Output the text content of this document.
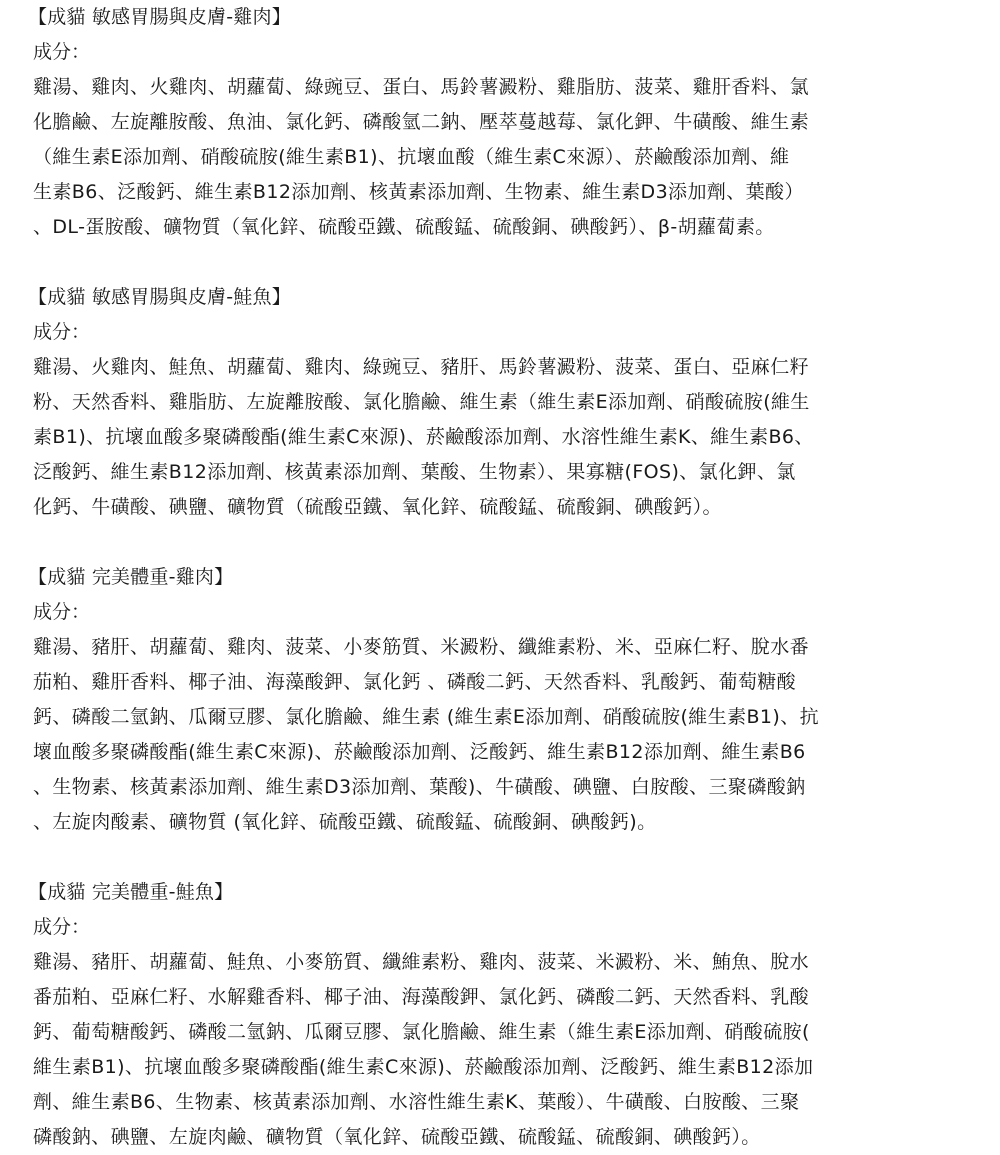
【成貓 敏感胃腸與皮膚-雞肉】

成分：

雞湯、雞肉、火雞肉、胡蘿蔔、綠豌豆、蛋白、馬鈴薯澱粉、雞脂肪、菠菜、雞肝香料、氯
化膽鹼、左旋離胺酸、魚油、氯化鈣、磷酸氫二鈉、壓萃蔓越莓、氯化鉀、牛磺酸、維生素
（維生素E添加劑、硝酸硫胺(維生素B1)、抗壞血酸（維生素C來源）、菸鹼酸添加劑、維
生素B6、泛酸鈣、維生素B12添加劑、核黃素添加劑、生物素、維生素D3添加劑、葉酸）
、DL-蛋胺酸、礦物質（氧化鋅、硫酸亞鐵、硫酸錳、硫酸銅、碘酸鈣）、β-胡蘿蔔素。

【成貓 敏感胃腸與皮膚-鮭魚】

成分：

雞湯、火雞肉、鮭魚、胡蘿蔔、雞肉、綠豌豆、豬肝、馬鈴薯澱粉、菠菜、蛋白、亞麻仁籽
粉、天然香料、雞脂肪、左旋離胺酸、氯化膽鹼、維生素（維生素E添加劑、硝酸硫胺(維生
素B1)、抗壞血酸多聚磷酸酯(維生素C來源)、菸鹼酸添加劑、水溶性維生素K、維生素B6、
泛酸鈣、維生素B12添加劑、核黃素添加劑、葉酸、生物素）、果寡糖(FOS)、氯化鉀、氯
化鈣、牛磺酸、碘鹽、礦物質（硫酸亞鐵、氧化鋅、硫酸錳、硫酸銅、碘酸鈣）。

【成貓 完美體重-雞肉】

成分：

雞湯、豬肝、胡蘿蔔、雞肉、菠菜、小麥筋質、米澱粉、纖維素粉、米、亞麻仁籽、脫水番
茄粕、雞肝香料、椰子油、海藻酸鉀、氯化鈣 、磷酸二鈣、天然香料、乳酸鈣、葡萄糖酸
鈣、磷酸二氫鈉、瓜爾豆膠、氯化膽鹼、維生素 (維生素E添加劑、硝酸硫胺(維生素B1)、抗
壞血酸多聚磷酸酯(維生素C來源)、菸鹼酸添加劑、泛酸鈣、維生素B12添加劑、維生素B6
、生物素、核黃素添加劑、維生素D3添加劑、葉酸)、牛磺酸、碘鹽、白胺酸、三聚磷酸鈉
、左旋肉酸素、礦物質 (氧化鋅、硫酸亞鐵、硫酸錳、硫酸銅、碘酸鈣)。

【成貓 完美體重-鮭魚】

成分：

雞湯、豬肝、胡蘿蔔、鮭魚、小麥筋質、纖維素粉、雞肉、菠菜、米澱粉、米、鮪魚、脫水
番茄粕、亞麻仁籽、水解雞香料、椰子油、海藻酸鉀、氯化鈣、磷酸二鈣、天然香料、乳酸
鈣、葡萄糖酸鈣、磷酸二氫鈉、瓜爾豆膠、氯化膽鹼、維生素（維生素E添加劑、硝酸硫胺(
維生素B1)、抗壞血酸多聚磷酸酯(維生素C來源)、菸鹼酸添加劑、泛酸鈣、維生素B12添加
劑、維生素B6、生物素、核黃素添加劑、水溶性維生素K、葉酸）、牛磺酸、白胺酸、三聚
磷酸鈉、碘鹽、左旋肉鹼、礦物質（氧化鋅、硫酸亞鐵、硫酸錳、硫酸銅、碘酸鈣）。
